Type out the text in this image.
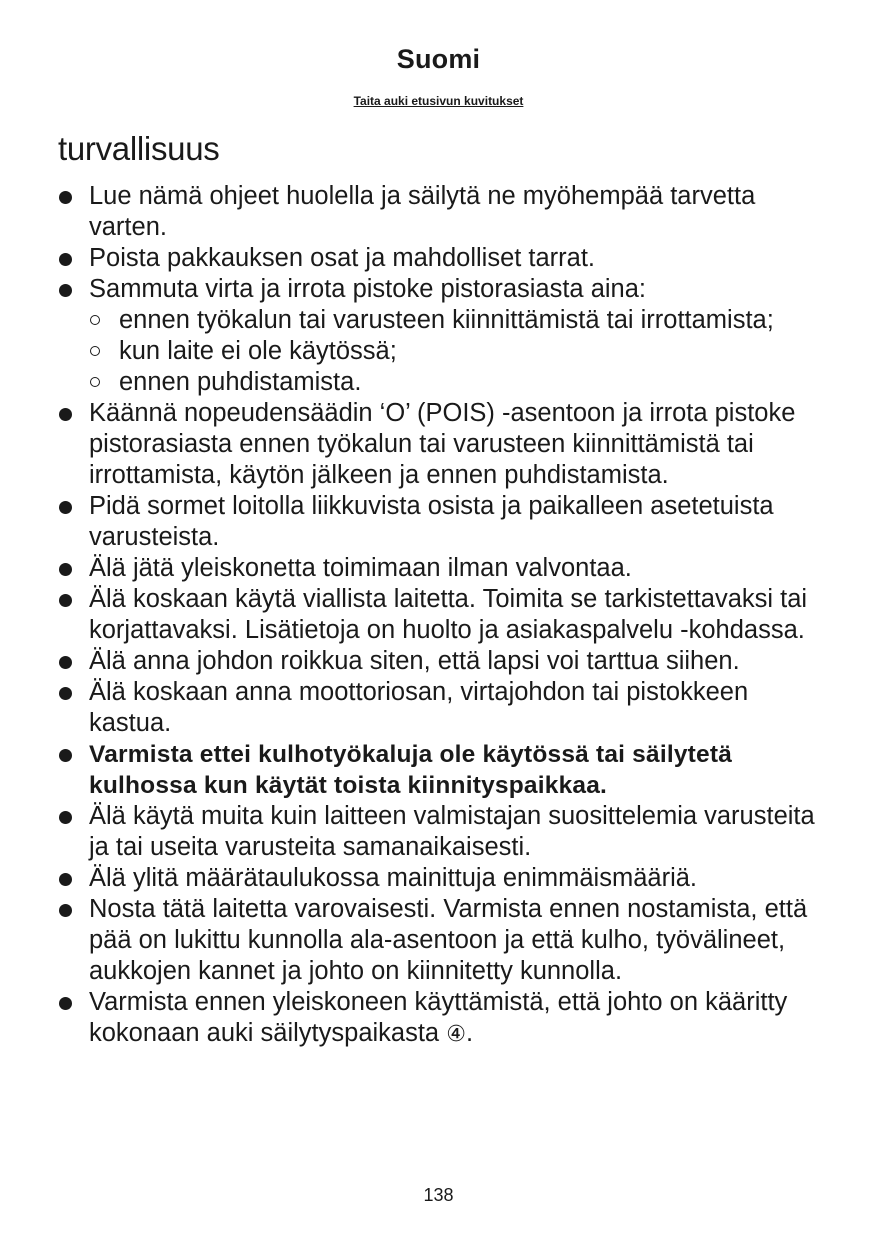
Suomi
Taita auki etusivun kuvitukset
turvallisuus
Lue nämä ohjeet huolella ja säilytä ne myöhempää tarvetta varten.
Poista pakkauksen osat ja mahdolliset tarrat.
Sammuta virta ja irrota pistoke pistorasiasta aina:
ennen työkalun tai varusteen kiinnittämistä tai irrottamista;
kun laite ei ole käytössä;
ennen puhdistamista.
Käännä nopeudensäädin ‘O’ (POIS) -asentoon ja irrota pistoke pistorasiasta ennen työkalun tai varusteen kiinnittämistä tai irrottamista, käytön jälkeen ja ennen puhdistamista.
Pidä sormet loitolla liikkuvista osista ja paikalleen asetetuista varusteista.
Älä jätä yleiskonetta toimimaan ilman valvontaa.
Älä koskaan käytä viallista laitetta. Toimita se tarkistettavaksi tai korjattavaksi. Lisätietoja on huolto ja asiakaspalvelu -kohdassa.
Älä anna johdon roikkua siten, että lapsi voi tarttua siihen.
Älä koskaan anna moottoriosan, virtajohdon tai pistokkeen kastua.
Varmista ettei kulhotyökaluja ole käytössä tai säilytetä kulhossa kun käytät toista kiinnityspaikkaa.
Älä käytä muita kuin laitteen valmistajan suosittelemia varusteita ja tai useita varusteita samanaikaisesti.
Älä ylitä määrätaulukossa mainittuja enimmäismääriä.
Nosta tätä laitetta varovaisesti. Varmista ennen nostamista, että pää on lukittu kunnolla ala-asentoon ja että kulho, työvälineet, aukkojen kannet ja johto on kiinnitetty kunnolla.
Varmista ennen yleiskoneen käyttämistä, että johto on kääritty kokonaan auki säilytyspaikasta ④.
138
